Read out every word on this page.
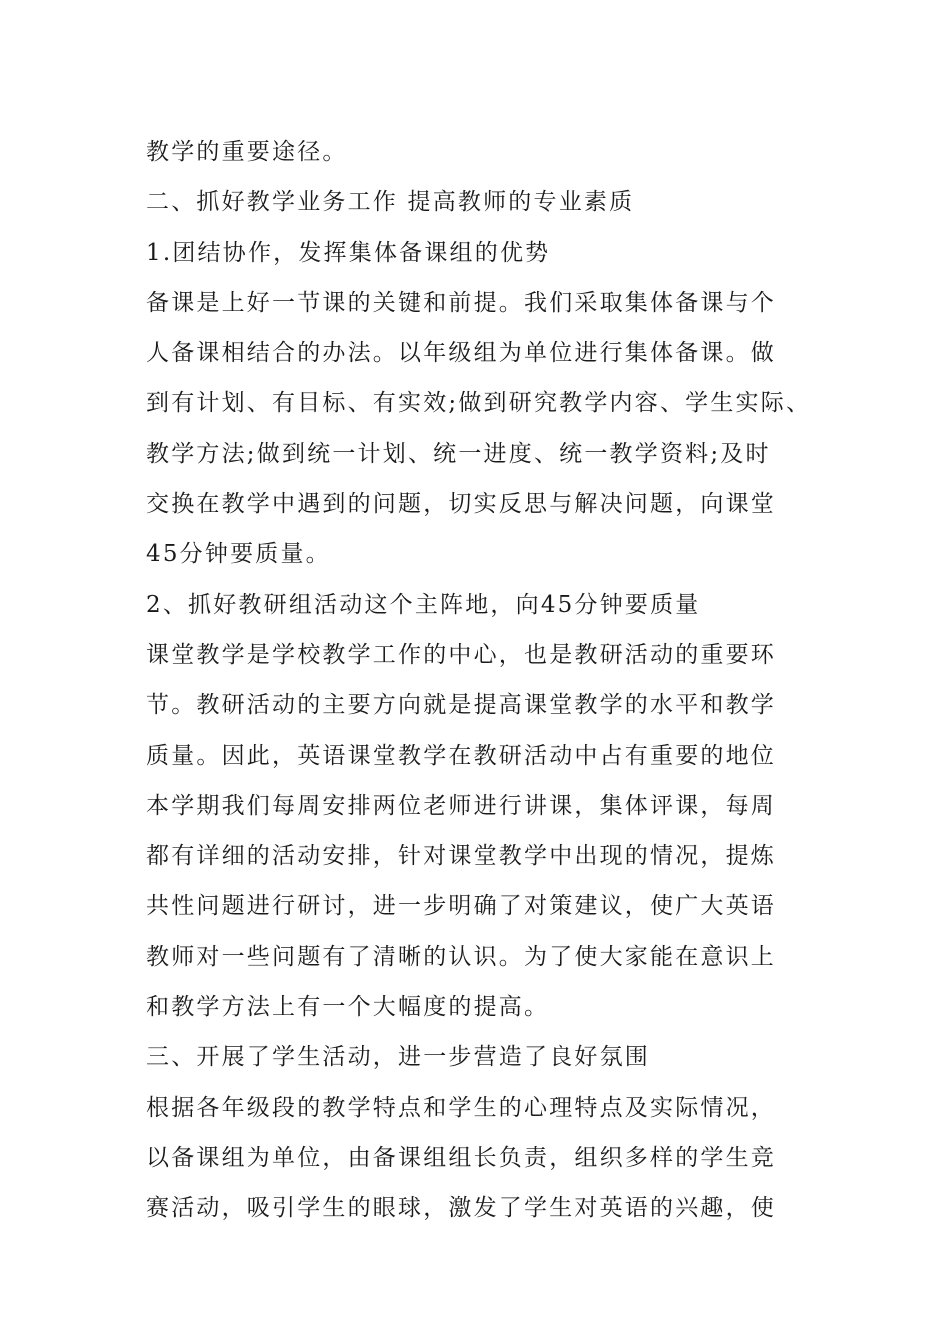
教学的重要途径。
二、抓好教学业务工作 提高教师的专业素质
1.团结协作，发挥集体备课组的优势
备课是上好一节课的关键和前提。我们采取集体备课与个
人备课相结合的办法。以年级组为单位进行集体备课。做
到有计划、有目标、有实效;做到研究教学内容、学生实际、
教学方法;做到统一计划、统一进度、统一教学资料;及时
交换在教学中遇到的问题，切实反思与解决问题，向课堂
45分钟要质量。
2、抓好教研组活动这个主阵地，向45分钟要质量
课堂教学是学校教学工作的中心，也是教研活动的重要环
节。教研活动的主要方向就是提高课堂教学的水平和教学
质量。因此，英语课堂教学在教研活动中占有重要的地位
本学期我们每周安排两位老师进行讲课，集体评课，每周
都有详细的活动安排，针对课堂教学中出现的情况，提炼
共性问题进行研讨，进一步明确了对策建议，使广大英语
教师对一些问题有了清晰的认识。为了使大家能在意识上
和教学方法上有一个大幅度的提高。
三、开展了学生活动，进一步营造了良好氛围
根据各年级段的教学特点和学生的心理特点及实际情况，
以备课组为单位，由备课组组长负责，组织多样的学生竞
赛活动，吸引学生的眼球，激发了学生对英语的兴趣，使
